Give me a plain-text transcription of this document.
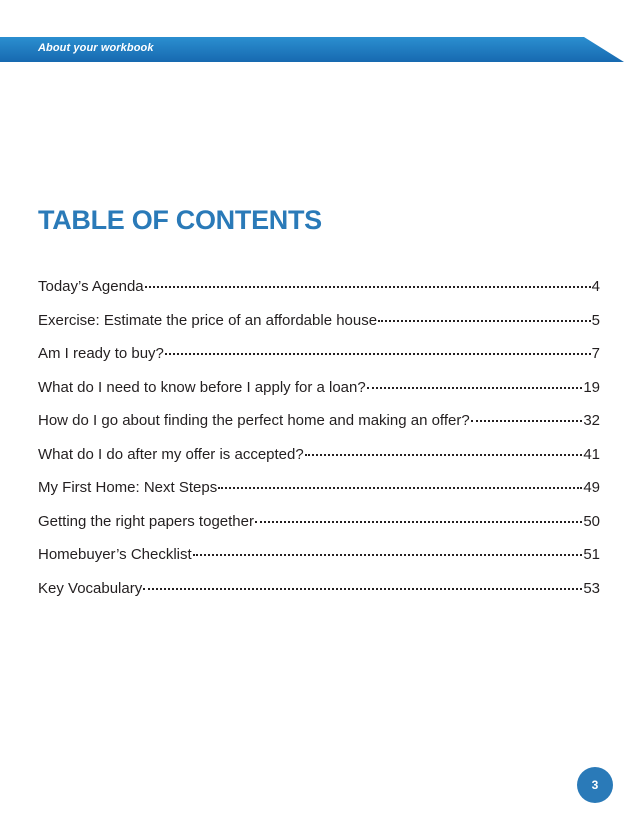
About your workbook
TABLE OF CONTENTS
Today’s Agenda	4
Exercise: Estimate the price of an affordable house	5
Am I ready to buy?	7
What do I need to know before I apply for a loan?	19
How do I go about finding the perfect home and making an offer?	32
What do I do after my offer is accepted?	41
My First Home: Next Steps	49
Getting the right papers together	50
Homebuyer’s Checklist	51
Key Vocabulary	53
3
